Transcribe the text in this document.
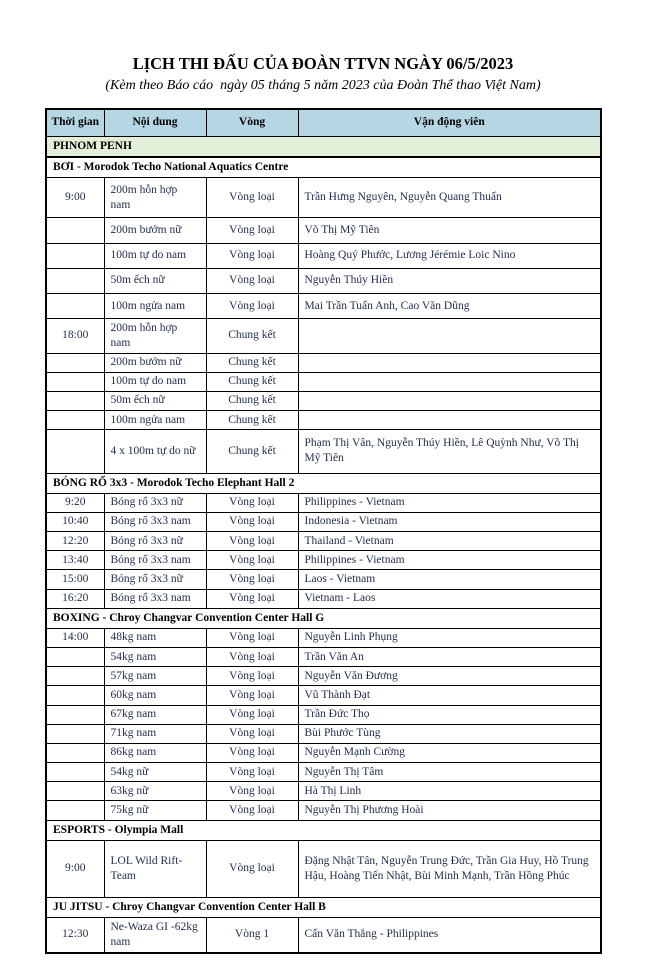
LỊCH THI ĐẤU CỦA ĐOÀN TTVN NGÀY 06/5/2023
(Kèm theo Báo cáo  ngày 05 tháng 5 năm 2023 của Đoàn Thể thao Việt Nam)
Thời gian	Nội dung	Vòng	Vận động viên
PHNOM PENH			
BƠI - Morodok Techo National Aquatics Centre			
9:00	200m hỗn hợp nam	Vòng loại	Trần Hưng Nguyên, Nguyễn Quang Thuấn
	200m bướm nữ	Vòng loại	Võ Thị Mỹ Tiên
	100m tự do nam	Vòng loại	Hoàng Quý Phước, Lương Jérémie Loic Nino
	50m ếch nữ	Vòng loại	Nguyễn Thúy Hiền
	100m ngửa nam	Vòng loại	Mai Trần Tuấn Anh, Cao Văn Dũng
18:00	200m hỗn hợp nam	Chung kết	
	200m bướm nữ	Chung kết	
	100m tự do nam	Chung kết	
	50m ếch nữ	Chung kết	
	100m ngửa nam	Chung kết	
	4 x 100m tự do nữ	Chung kết	Phạm Thị Vân, Nguyễn Thúy Hiền, Lê Quỳnh Như, Võ Thị Mỹ Tiên
BÓNG RỔ 3x3 - Morodok Techo Elephant Hall 2			
9:20	Bóng rổ 3x3 nữ	Vòng loại	Philippines - Vietnam
10:40	Bóng rổ 3x3 nam	Vòng loại	Indonesia - Vietnam
12:20	Bóng rổ 3x3 nữ	Vòng loại	Thailand - Vietnam
13:40	Bóng rổ 3x3 nam	Vòng loại	Philippines - Vietnam
15:00	Bóng rổ 3x3 nữ	Vòng loại	Laos - Vietnam
16:20	Bóng rổ 3x3 nam	Vòng loại	Vietnam - Laos
BOXING - Chroy Changvar Convention Center Hall G			
14:00	48kg nam	Vòng loại	Nguyễn Linh Phụng
	54kg nam	Vòng loại	Trần Văn An
	57kg nam	Vòng loại	Nguyễn Văn Đương
	60kg nam	Vòng loại	Vũ Thành Đạt
	67kg nam	Vòng loại	Trần Đức Thọ
	71kg nam	Vòng loại	Bùi Phước Tùng
	86kg nam	Vòng loại	Nguyễn Mạnh Cường
	54kg nữ	Vòng loại	Nguyễn Thị Tâm
	63kg nữ	Vòng loại	Hà Thị Linh
	75kg nữ	Vòng loại	Nguyễn Thị Phương Hoài
ESPORTS - Olympia Mall			
9:00	LOL Wild Rift-Team	Vòng loại	Đặng Nhật Tân, Nguyễn Trung Đức, Trần Gia Huy, Hồ Trung Hậu, Hoàng Tiến Nhật, Bùi Minh Mạnh, Trần Hồng Phúc
JU JITSU - Chroy Changvar Convention Center Hall B			
12:30	Ne-Waza GI -62kg nam	Vòng 1	Cấn Văn Thắng - Philippines
